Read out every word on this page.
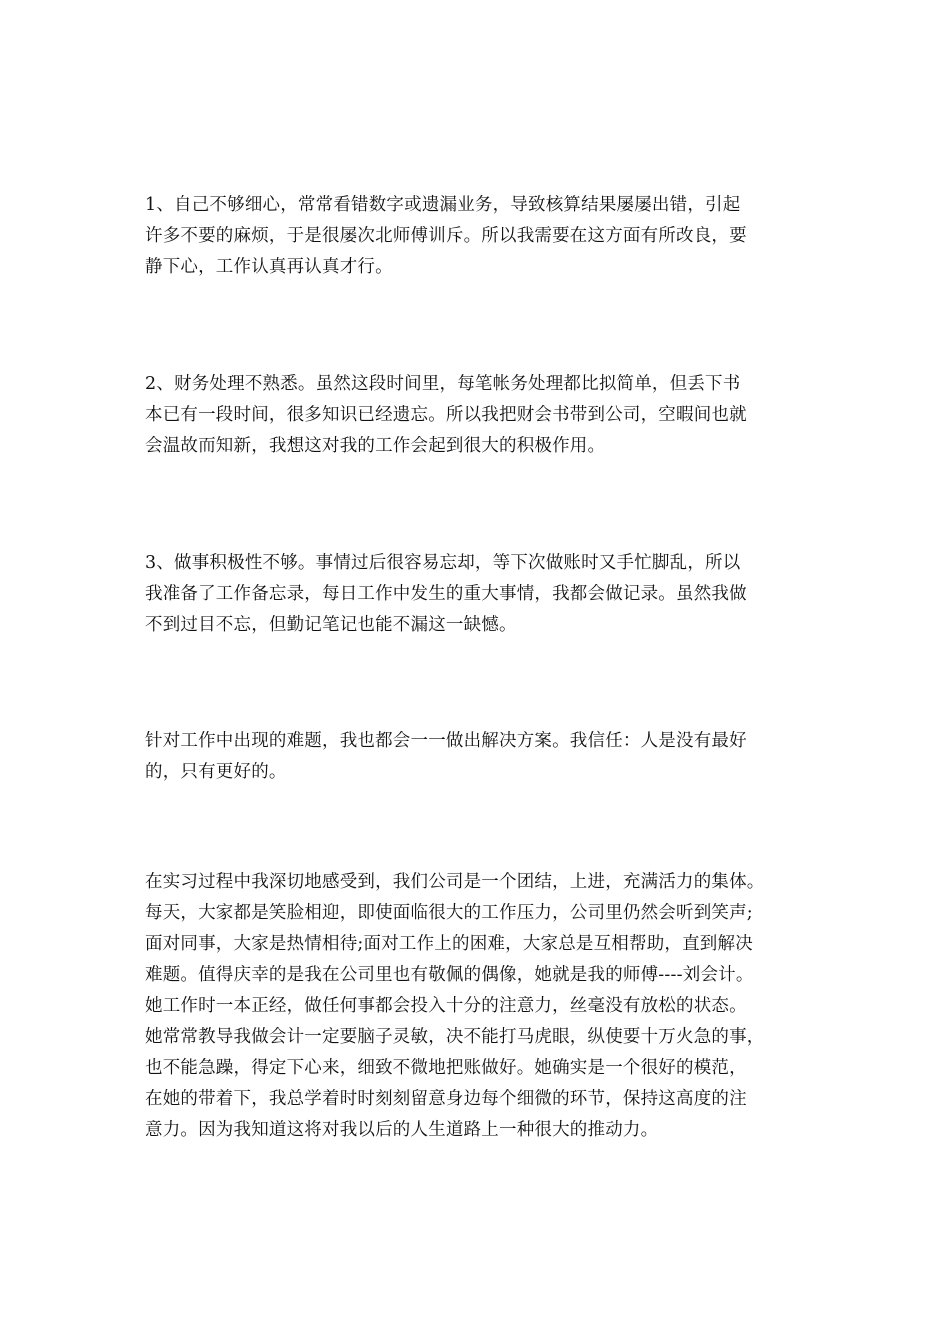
1、自己不够细心，常常看错数字或遗漏业务，导致核算结果屡屡出错，引起
许多不要的麻烦，于是很屡次北师傅训斥。所以我需要在这方面有所改良，要
静下心，工作认真再认真才行。
2、财务处理不熟悉。虽然这段时间里，每笔帐务处理都比拟简单，但丢下书
本已有一段时间，很多知识已经遗忘。所以我把财会书带到公司，空暇间也就
会温故而知新，我想这对我的工作会起到很大的积极作用。
3、做事积极性不够。事情过后很容易忘却，等下次做账时又手忙脚乱，所以
我准备了工作备忘录，每日工作中发生的重大事情，我都会做记录。虽然我做
不到过目不忘，但勤记笔记也能不漏这一缺憾。
针对工作中出现的难题，我也都会一一做出解决方案。我信任：人是没有最好
的，只有更好的。
在实习过程中我深切地感受到，我们公司是一个团结，上进，充满活力的集体。
每天，大家都是笑脸相迎，即使面临很大的工作压力，公司里仍然会听到笑声;
面对同事，大家是热情相待;面对工作上的困难，大家总是互相帮助，直到解决
难题。值得庆幸的是我在公司里也有敬佩的偶像，她就是我的师傅----刘会计。
她工作时一本正经，做任何事都会投入十分的注意力，丝毫没有放松的状态。
她常常教导我做会计一定要脑子灵敏，决不能打马虎眼，纵使要十万火急的事，
也不能急躁，得定下心来，细致不微地把账做好。她确实是一个很好的模范，
在她的带着下，我总学着时时刻刻留意身边每个细微的环节，保持这高度的注
意力。因为我知道这将对我以后的人生道路上一种很大的推动力。
